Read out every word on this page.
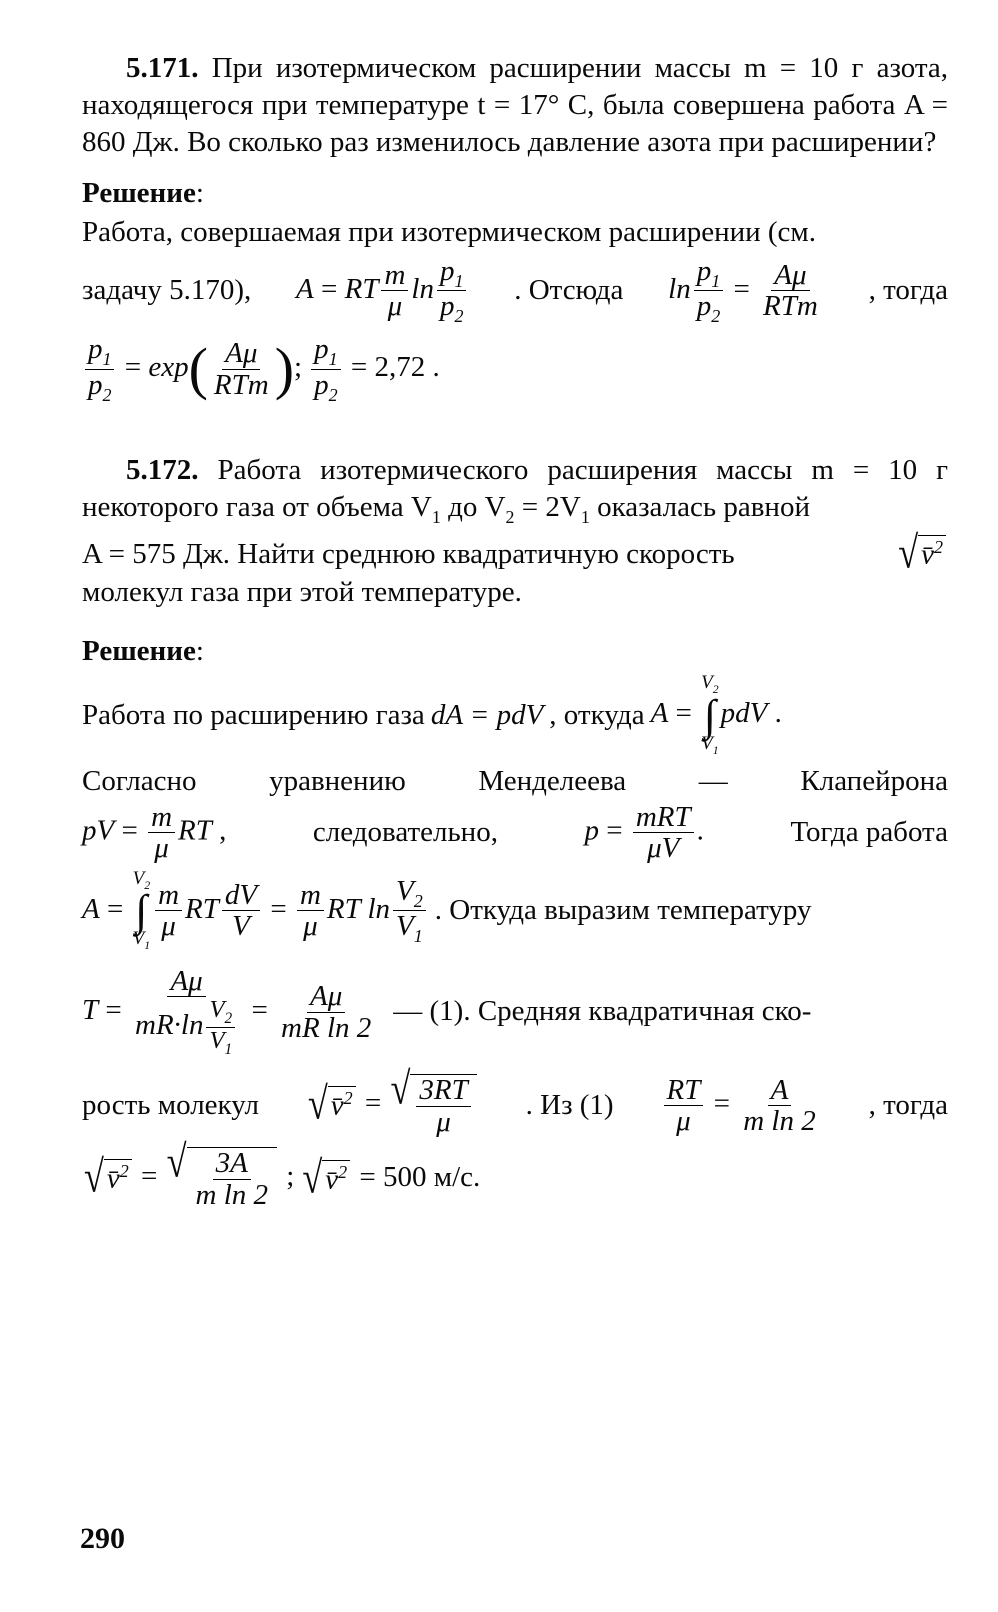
5.171. При изотермическом расширении массы m = 10 г азота, находящегося при температуре t = 17° С, была совершена работа A = 860 Дж. Во сколько раз изменилось давление азота при расширении?

Решение:

Работа, совершаемая при изотермическом расширении (см.

задачу 5.170), A = RT $\frac{m}{\mu}$ $\ln \frac{p_1}{p_2}$ . Отсюда $\ln \frac{p_1}{p_2} = \frac{A\mu}{\text{RTm}}$ , тогда
$\frac{p_1}{p_2} = \exp( \frac{A\mu}{\text{RTm}}$ ); $\frac{p_1}{p_2} = 2,72$ .

5.172. Работа изотермического расширения массы m = 10 г некоторого газа от объема $V_1$ до $V_2 = 2V_1$ оказалась равной

A = 575 Дж. Найти среднюю квадратичную скорость	√ v̄$^2$

молекул газа при этой температуре.

Решение:
Работа по расширению газа dA = pdV , откуда A =
$V_2$
∫
$V_1$
pdV .
Согласно	уравнению	Менделеева	—	Клапейрона
pV = $\frac{m}{\mu}$ RT ,	следовательно,	$p = \frac{\text{mRT}}{\mu V}$ .	Тогда работа
A =
$V_2$
∫
$V_1$
$\frac{m}{\mu}$ RT $\frac{dV}{V} = \frac{m}{\mu}$ RT $\ln \frac{V_2}{V_1}$ . Откуда выразим температуру
$T = \frac{A\mu}{mR\cdot\ln \frac{V_2}{V_1}} = \frac{A\mu}{\text{mR ln 2}}$ — (1). Средняя квадратичная ско-
рость молекул √ v̄$^2$ = √ $\frac{3RT}{\mu}$ . Из $(1) \frac{RT}{\mu} = \frac{A}{\text{m ln 2}}$ , тогда
√ v̄$^2$ = √ $\frac{3A}{\text{m ln 2}}$ ; √ v̄$^2$ = 500 м/с.
290
